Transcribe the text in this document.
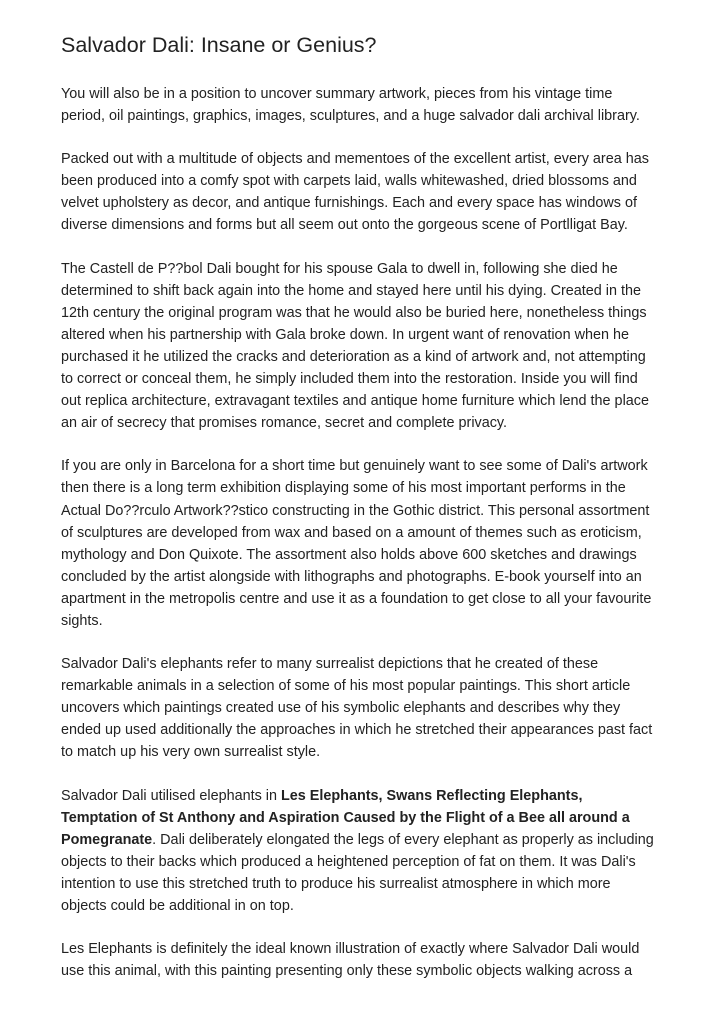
Salvador Dali: Insane or Genius?

You will also be in a position to uncover summary artwork, pieces from his vintage time
period, oil paintings, graphics, images, sculptures, and a huge salvador dali archival library.

Packed out with a multitude of objects and mementoes of the excellent artist, every area has
been produced into a comfy spot with carpets laid, walls whitewashed, dried blossoms and
velvet upholstery as decor, and antique furnishings. Each and every space has windows of
diverse dimensions and forms but all seem out onto the gorgeous scene of Portlligat Bay.

The Castell de P??bol Dali bought for his spouse Gala to dwell in, following she died he
determined to shift back again into the home and stayed here until his dying. Created in the
12th century the original program was that he would also be buried here, nonetheless things
altered when his partnership with Gala broke down. In urgent want of renovation when he
purchased it he utilized the cracks and deterioration as a kind of artwork and, not attempting
to correct or conceal them, he simply included them into the restoration. Inside you will find
out replica architecture, extravagant textiles and antique home furniture which lend the place
an air of secrecy that promises romance, secret and complete privacy.

If you are only in Barcelona for a short time but genuinely want to see some of Dali's artwork
then there is a long term exhibition displaying some of his most important performs in the
Actual Do??rculo Artwork??stico constructing in the Gothic district. This personal assortment
of sculptures are developed from wax and based on a amount of themes such as eroticism,
mythology and Don Quixote. The assortment also holds above 600 sketches and drawings
concluded by the artist alongside with lithographs and photographs. E-book yourself into an
apartment in the metropolis centre and use it as a foundation to get close to all your favourite
sights.

Salvador Dali's elephants refer to many surrealist depictions that he created of these
remarkable animals in a selection of some of his most popular paintings. This short article
uncovers which paintings created use of his symbolic elephants and describes why they
ended up used additionally the approaches in which he stretched their appearances past fact
to match up his very own surrealist style.

Salvador Dali utilised elephants in Les Elephants, Swans Reflecting Elephants,
Temptation of St Anthony and Aspiration Caused by the Flight of a Bee all around a
Pomegranate. Dali deliberately elongated the legs of every elephant as properly as including
objects to their backs which produced a heightened perception of fat on them. It was Dali's
intention to use this stretched truth to produce his surrealist atmosphere in which more
objects could be additional in on top.

Les Elephants is definitely the ideal known illustration of exactly where Salvador Dali would
use this animal, with this painting presenting only these symbolic objects walking across a
